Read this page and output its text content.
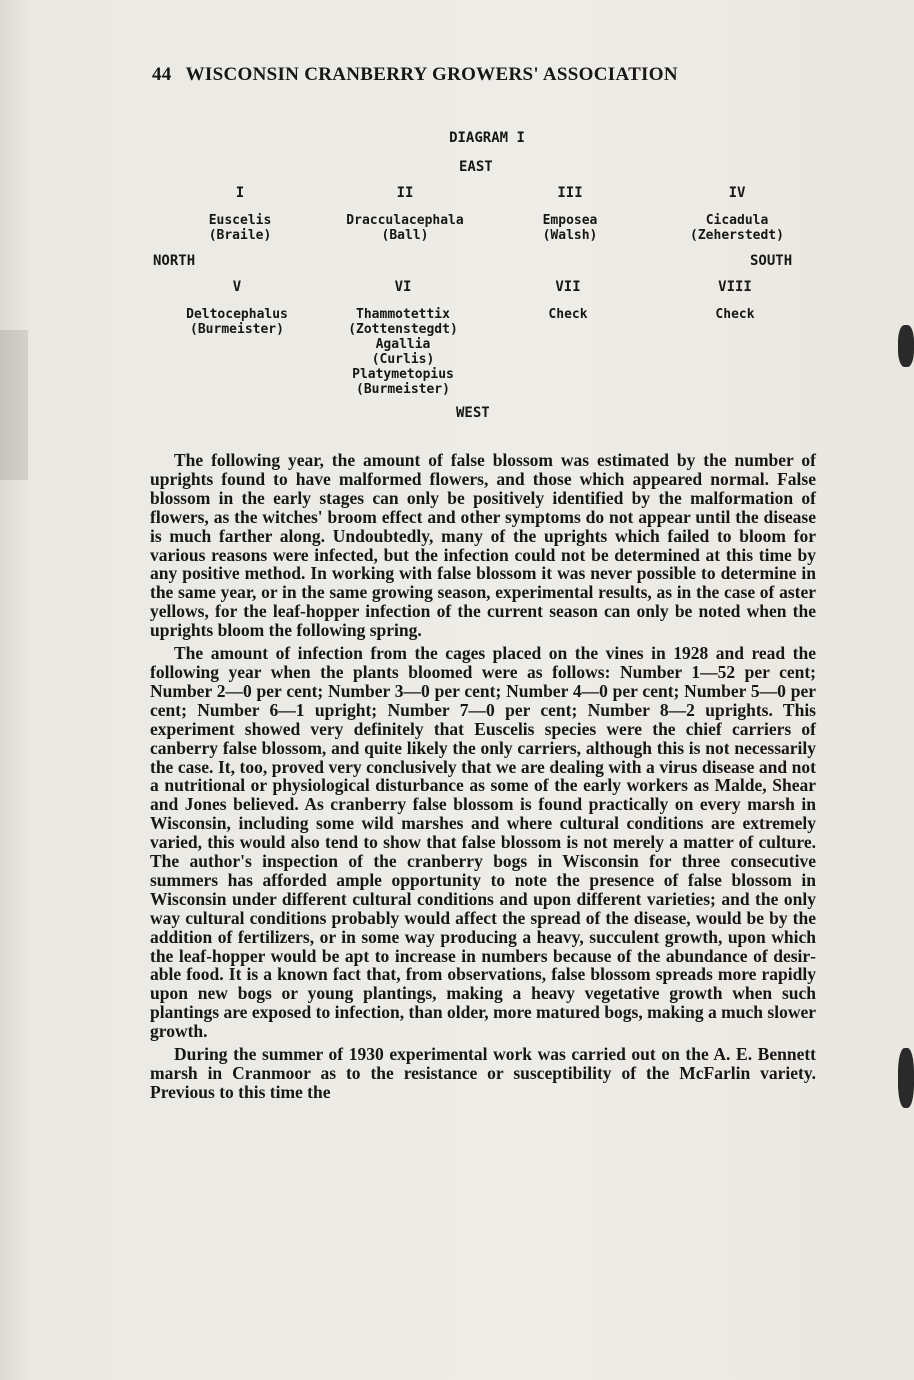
44 WISCONSIN CRANBERRY GROWERS' ASSOCIATION
DIAGRAM I
EAST
NORTH	SOUTH
WEST
I
Euscelis
(Braile)
II
Dracculacephala
(Ball)
III
Emposea
(Walsh)
IV
Cicadula
(Zeherstedt)
V
Deltocephalus
(Burmeister)
VI
Thammotettix
(Zottenstegdt)
Agallia
(Curlis)
Platymetopius
(Burmeister)
VII
Check
VIII
Check

The following year, the amount of false blossom was estimated by the number of uprights found to have malformed flowers, and those which appeared normal. False blossom in the early stages can only be positively identified by the malformation of flowers, as the witches' broom effect and other symptoms do not appear until the disease is much farther along. Undoubtedly, many of the uprights which failed to bloom for various reasons were infected, but the infection could not be determined at this time by any positive method. In working with false blossom it was never possible to determine in the same year, or in the same growing season, experimental results, as in the case of aster yellows, for the leaf-hopper infection of the current season can only be noted when the uprights bloom the following spring.

The amount of infection from the cages placed on the vines in 1928 and read the following year when the plants bloomed were as follows: Number 1—52 per cent; Number 2—0 per cent; Number 3—0 per cent; Number 4—0 per cent; Number 5—0 per cent; Number 6—1 upright; Number 7—0 per cent; Number 8—2 uprights. This experiment showed very definitely that Euscelis species were the chief carriers of canberry false blossom, and quite likely the only carriers, although this is not necessarily the case. It, too, proved very conclusively that we are dealing with a virus disease and not a nutritional or physiological disturbance as some of the early workers as Malde, Shear and Jones believed. As cranberry false blossom is found practically on every marsh in Wisconsin, including some wild marshes and where cultural conditions are extremely varied, this would also tend to show that false blossom is not merely a matter of culture. The author's inspection of the cranberry bogs in Wisconsin for three consecutive summers has afforded ample opportunity to note the presence of false blossom in Wisconsin under different cultural conditions and upon different varieties; and the only way cultural conditions probably would affect the spread of the disease, would be by the addition of fertilizers, or in some way producing a heavy, succulent growth, upon which the leaf-hopper would be apt to increase in numbers because of the abundance of desirable food. It is a known fact that, from observations, false blossom spreads more rapidly upon new bogs or young plantings, making a heavy vegetative growth when such plantings are exposed to infection, than older, more matured bogs, making a much slower growth.

During the summer of 1930 experimental work was carried out on the A. E. Bennett marsh in Cranmoor as to the resistance or susceptibility of the McFarlin variety. Previous to this time the
